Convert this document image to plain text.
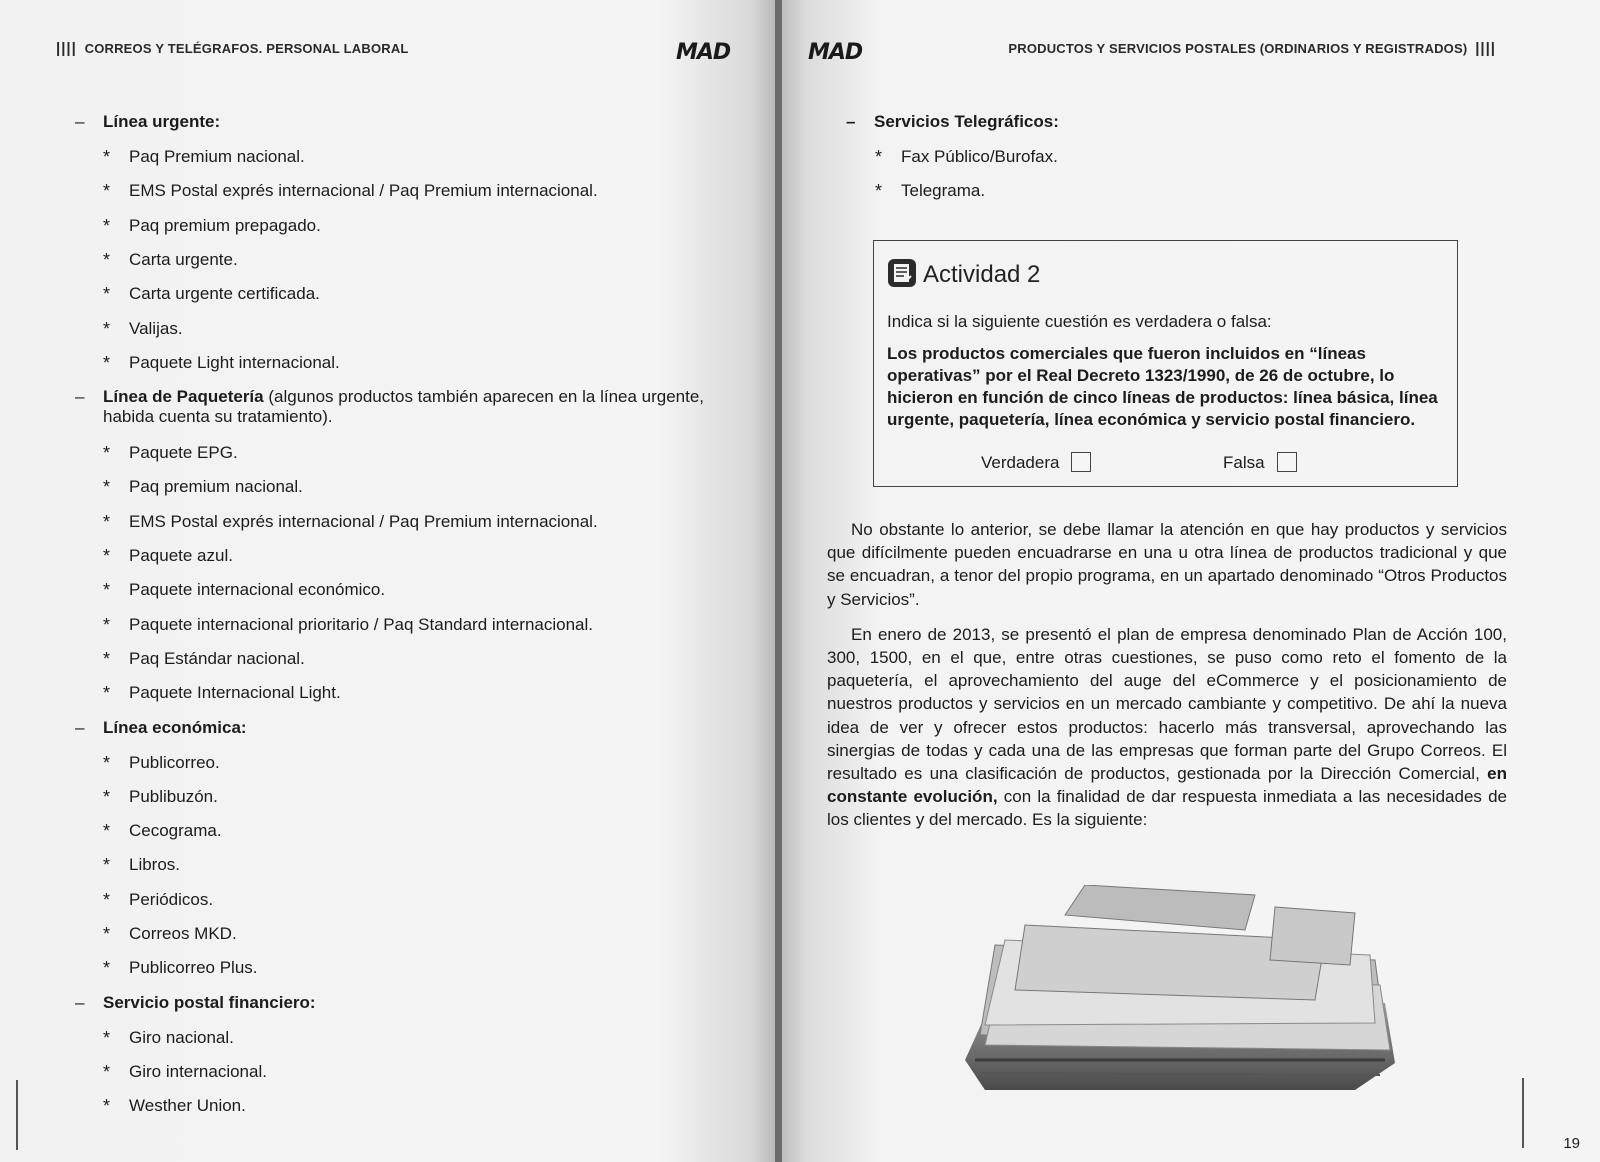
|||| CORREOS Y TELÉGRAFOS. PERSONAL LABORAL	MAD
– Línea urgente:
* Paq Premium nacional.
* EMS Postal exprés internacional / Paq Premium internacional.
* Paq premium prepagado.
* Carta urgente.
* Carta urgente certificada.
* Valijas.
* Paquete Light internacional.
– Línea de Paquetería (algunos productos también aparecen en la línea urgente, habida cuenta su tratamiento).
* Paquete EPG.
* Paq premium nacional.
* EMS Postal exprés internacional / Paq Premium internacional.
* Paquete azul.
* Paquete internacional económico.
* Paquete internacional prioritario / Paq Standard internacional.
* Paq Estándar nacional.
* Paquete Internacional Light.
– Línea económica:
* Publicorreo.
* Publibuzón.
* Cecograma.
* Libros.
* Periódicos.
* Correos MKD.
* Publicorreo Plus.
– Servicio postal financiero:
* Giro nacional.
* Giro internacional.
* Westher Union.
MAD	PRODUCTOS Y SERVICIOS POSTALES (ORDINARIOS Y REGISTRADOS) ||||
19
– Servicios Telegráficos:
* Fax Público/Burofax.
* Telegrama.
Actividad 2
Indica si la siguiente cuestión es verdadera o falsa:
Los productos comerciales que fueron incluidos en “líneas operativas” por el Real Decreto 1323/1990, de 26 de octubre, lo hicieron en función de cinco líneas de productos: línea básica, línea urgente, paquetería, línea económica y servicio postal financiero.
Verdadera	Falsa

No obstante lo anterior, se debe llamar la atención en que hay productos y servicios que difícilmente pueden encuadrarse en una u otra línea de productos tradicional y que se encuadran, a tenor del propio programa, en un apartado denominado “Otros Productos y Servicios”.

En enero de 2013, se presentó el plan de empresa denominado Plan de Acción 100, 300, 1500, en el que, entre otras cuestiones, se puso como reto el fomento de la paquetería, el aprovechamiento del auge del eCommerce y el posicionamiento de nuestros productos y servicios en un mercado cambiante y competitivo. De ahí la nueva idea de ver y ofrecer estos productos: hacerlo más transversal, aprovechando las sinergias de todas y cada una de las empresas que forman parte del Grupo Correos. El resultado es una clasificación de productos, gestionada por la Dirección Comercial, en constante evolución, con la finalidad de dar respuesta inmediata a las necesidades de los clientes y del mercado. Es la siguiente:
